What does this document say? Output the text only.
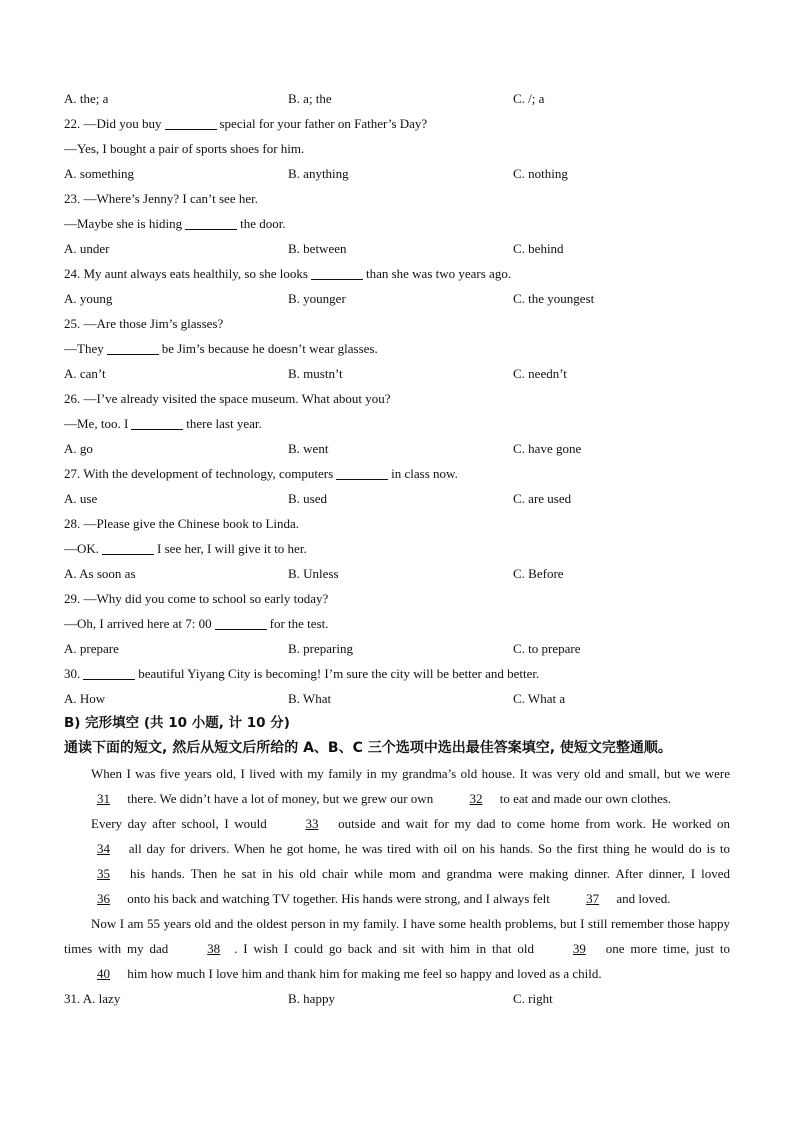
A. the; a	B. a; the	C. /; a
22. —Did you buy	special for your father on Father’s Day?
—Yes, I bought a pair of sports shoes for him.
A. something	B. anything	C. nothing
23. —Where’s Jenny? I can’t see her.
—Maybe she is hiding	the door.
A. under	B. between	C. behind
24. My aunt always eats healthily, so she looks	than she was two years ago.
A. young	B. younger	C. the youngest
25. —Are those Jim’s glasses?
—They	be Jim’s because he doesn’t wear glasses.
A. can’t	B. mustn’t	C. needn’t
26. —I’ve already visited the space museum. What about you?
—Me, too. I	there last year.
A. go	B. went	C. have gone
27. With the development of technology, computers	in class now.
A. use	B. used	C. are used
28. —Please give the Chinese book to Linda.
—OK.	I see her, I will give it to her.
A. As soon as	B. Unless	C. Before
29. —Why did you come to school so early today?
—Oh, I arrived here at 7: 00	for the test.
A. prepare	B. preparing	C. to prepare
30.	beautiful Yiyang City is becoming! I’m sure the city will be better and better.
A. How	B. What	C. What a
B) 完形填空 (共 10 小题, 计 10 分)
通读下面的短文, 然后从短文后所给的 A、B、C 三个选项中选出最佳答案填空, 使短文完整通顺。
When I was five years old, I lived with my family in my grandma’s old house. It was very old and small, but we were 31 there. We didn’t have a lot of money, but we grew our own	32 to eat and made our own clothes.
Every day after school, I would	33 outside and wait for my dad to come home from work. He worked on 34 all day for drivers. When he got home, he was tired with oil on his hands. So the first thing he would do is to 35 his hands. Then he sat in his old chair while mom and grandma were making dinner. After dinner, I loved 36 onto his back and watching TV together. His hands were strong, and I always felt	37 and loved.
Now I am 55 years old and the oldest person in my family. I have some health problems, but I still remember those happy times with my dad	38 . I wish I could go back and sit with him in that old	39 one more time, just to 40 him how much I love him and thank him for making me feel so happy and loved as a child.
31. A. lazy	B. happy	C. right
